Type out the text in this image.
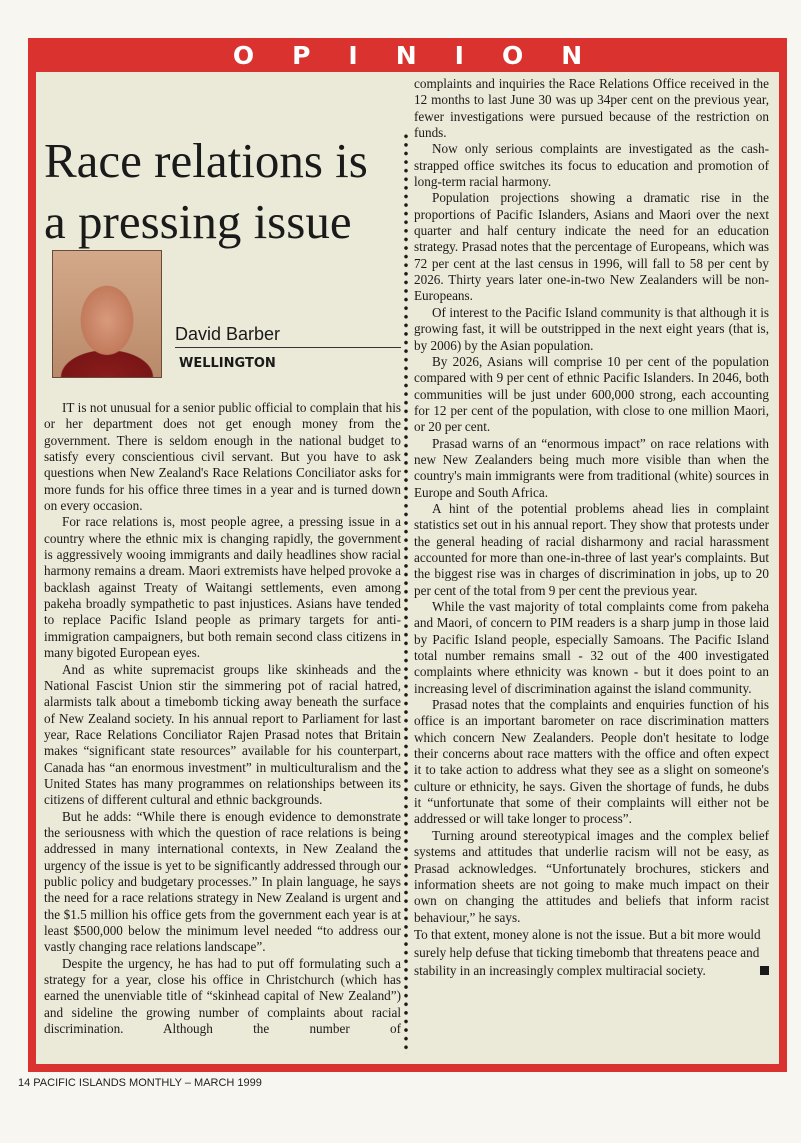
OPINION
Race relations is a pressing issue
David Barber
WELLINGTON

IT is not unusual for a senior public official to complain that his or her department does not get enough money from the government. There is seldom enough in the national budget to satisfy every conscientious civil servant. But you have to ask questions when New Zealand's Race Relations Conciliator asks for more funds for his office three times in a year and is turned down on every occasion.

For race relations is, most people agree, a pressing issue in a country where the ethnic mix is changing rapidly, the government is aggressively wooing immigrants and daily headlines show racial harmony remains a dream. Maori extremists have helped provoke a backlash against Treaty of Waitangi settlements, even among pakeha broadly sympathetic to past injustices. Asians have tended to replace Pacific Island people as primary targets for anti-immigration campaigners, but both remain second class citizens in many bigoted European eyes.

And as white supremacist groups like skinheads and the National Fascist Union stir the simmering pot of racial hatred, alarmists talk about a timebomb ticking away beneath the surface of New Zealand society. In his annual report to Parliament for last year, Race Relations Conciliator Rajen Prasad notes that Britain makes “significant state resources” available for his counterpart, Canada has “an enormous investment” in multiculturalism and the United States has many programmes on relationships between its citizens of different cultural and ethnic backgrounds.

But he adds: “While there is enough evidence to demonstrate the seriousness with which the question of race relations is being addressed in many international contexts, in New Zealand the urgency of the issue is yet to be significantly addressed through our public policy and budgetary processes.” In plain language, he says the need for a race relations strategy in New Zealand is urgent and the $1.5 million his office gets from the government each year is at least $500,000 below the minimum level needed “to address our vastly changing race relations landscape”.

Despite the urgency, he has had to put off formulating such a strategy for a year, close his office in Christchurch (which has earned the unenviable title of “skinhead capital of New Zealand”) and sideline the growing number of complaints about racial discrimination. Although the number of

complaints and inquiries the Race Relations Office received in the 12 months to last June 30 was up 34per cent on the previous year, fewer investigations were pursued because of the restriction on funds.

Now only serious complaints are investigated as the cash-strapped office switches its focus to education and promotion of long-term racial harmony.

Population projections showing a dramatic rise in the proportions of Pacific Islanders, Asians and Maori over the next quarter and half century indicate the need for an education strategy. Prasad notes that the percentage of Europeans, which was 72 per cent at the last census in 1996, will fall to 58 per cent by 2026. Thirty years later one-in-two New Zealanders will be non-Europeans.

Of interest to the Pacific Island community is that although it is growing fast, it will be outstripped in the next eight years (that is, by 2006) by the Asian population.

By 2026, Asians will comprise 10 per cent of the population compared with 9 per cent of ethnic Pacific Islanders. In 2046, both communities will be just under 600,000 strong, each accounting for 12 per cent of the population, with close to one million Maori, or 20 per cent.

Prasad warns of an “enormous impact” on race relations with new New Zealanders being much more visible than when the country's main immigrants were from traditional (white) sources in Europe and South Africa.

A hint of the potential problems ahead lies in complaint statistics set out in his annual report. They show that protests under the general heading of racial disharmony and racial harassment accounted for more than one-in-three of last year's complaints. But the biggest rise was in charges of discrimination in jobs, up to 20 per cent of the total from 9 per cent the previous year.

While the vast majority of total complaints come from pakeha and Maori, of concern to PIM readers is a sharp jump in those laid by Pacific Island people, especially Samoans. The Pacific Island total number remains small - 32 out of the 400 investigated complaints where ethnicity was known - but it does point to an increasing level of discrimination against the island community.

Prasad notes that the complaints and enquiries function of his office is an important barometer on race discrimination matters which concern New Zealanders. People don't hesitate to lodge their concerns about race matters with the office and often expect it to take action to address what they see as a slight on someone's culture or ethnicity, he says. Given the shortage of funds, he dubs it “unfortunate that some of their complaints will either not be addressed or will take longer to process”.

Turning around stereotypical images and the complex belief systems and attitudes that underlie racism will not be easy, as Prasad acknowledges. “Unfortunately brochures, stickers and information sheets are not going to make much impact on their own on changing the attitudes and beliefs that inform racist behaviour,” he says.

To that extent, money alone is not the issue. But a bit more would surely help defuse that ticking timebomb that threatens peace and stability in an increasingly complex multiracial society.

14 PACIFIC ISLANDS MONTHLY – MARCH 1999
